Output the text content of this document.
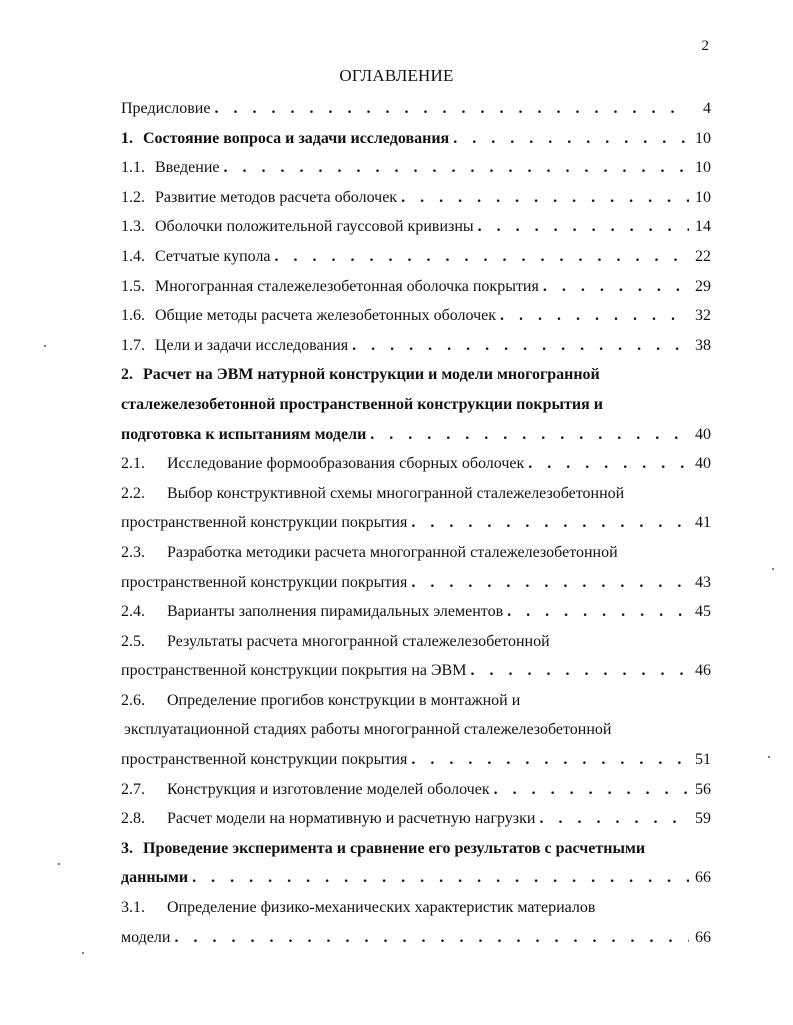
2
ОГЛАВЛЕНИЕ
Предисловие . . .	4
1. Состояние вопроса и задачи исследования . . .	10
1.1. Введение . . .	10
1.2. Развитие методов расчета оболочек . . .	10
1.3. Оболочки положительной гауссовой кривизны . . .	14
1.4. Сетчатые купола . . .	22
1.5. Многогранная сталежелезобетонная оболочка покрытия . . .	29
1.6. Общие методы расчета железобетонных оболочек . . .	32
1.7. Цели и задачи исследования . . .	38
2. Расчет на ЭВМ натурной конструкции и модели многогранной
сталежелезобетонной пространственной конструкции покрытия и
подготовка к испытаниям модели . . .	40
2.1. Исследование формообразования сборных оболочек . . .	40
2.2. Выбор конструктивной схемы многогранной сталежелезобетонной
пространственной конструкции покрытия . . .	41
2.3. Разработка методики расчета многогранной сталежелезобетонной
пространственной конструкции покрытия . . .	43
2.4. Варианты заполнения пирамидальных элементов . . .	45
2.5. Результаты расчета многогранной сталежелезобетонной
пространственной конструкции покрытия на ЭВМ . . .	46
2.6. Определение прогибов конструкции в монтажной и
эксплуатационной стадиях работы многогранной сталежелезобетонной
пространственной конструкции покрытия . . .	51
2.7. Конструкция и изготовление моделей оболочек . . .	56
2.8. Расчет модели на нормативную и расчетную нагрузки . . .	59
3. Проведение эксперимента и сравнение его результатов с расчетными
данными . . .	66
3.1. Определение физико-механических характеристик материалов
модели . . .	66
